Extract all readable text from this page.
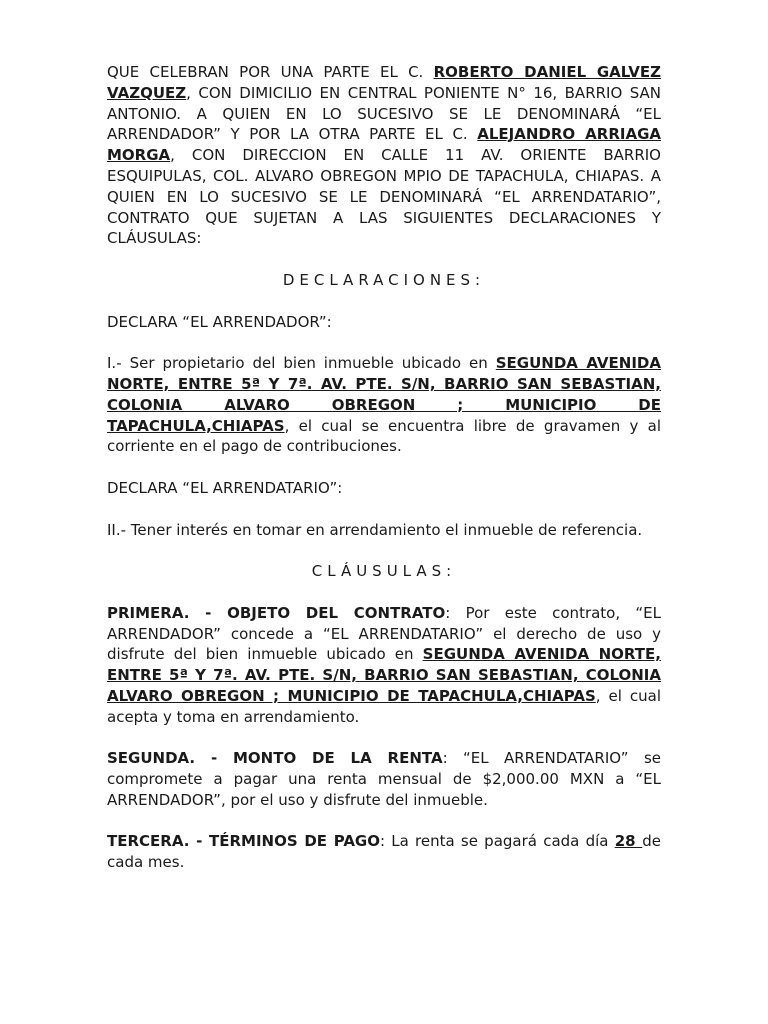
QUE CELEBRAN POR UNA PARTE EL C. ROBERTO DANIEL GALVEZ VAZQUEZ, CON DIMICILIO EN CENTRAL PONIENTE N° 16, BARRIO SAN ANTONIO. A QUIEN EN LO SUCESIVO SE LE DENOMINARÁ “EL ARRENDADOR” Y POR LA OTRA PARTE EL C. ALEJANDRO ARRIAGA MORGA, CON DIRECCION EN CALLE 11 AV. ORIENTE BARRIO ESQUIPULAS, COL. ALVARO OBREGON MPIO DE TAPACHULA, CHIAPAS. A QUIEN EN LO SUCESIVO SE LE DENOMINARÁ “EL ARRENDATARIO”, CONTRATO QUE SUJETAN A LAS SIGUIENTES DECLARACIONES Y CLÁUSULAS:

DECLARACIONES:

DECLARA “EL ARRENDADOR”:

I.- Ser propietario del bien inmueble ubicado en SEGUNDA AVENIDA NORTE, ENTRE 5ª Y 7ª. AV. PTE. S/N, BARRIO SAN SEBASTIAN, COLONIA ALVARO OBREGON ; MUNICIPIO DE TAPACHULA,CHIAPAS, el cual se encuentra libre de gravamen y al corriente en el pago de contribuciones.

DECLARA “EL ARRENDATARIO”:

II.- Tener interés en tomar en arrendamiento el inmueble de referencia.

CLÁUSULAS:

PRIMERA. - OBJETO DEL CONTRATO: Por este contrato, “EL ARRENDADOR” concede a “EL ARRENDATARIO” el derecho de uso y disfrute del bien inmueble ubicado en SEGUNDA AVENIDA NORTE, ENTRE 5ª Y 7ª. AV. PTE. S/N, BARRIO SAN SEBASTIAN, COLONIA ALVARO OBREGON ; MUNICIPIO DE TAPACHULA,CHIAPAS, el cual acepta y toma en arrendamiento.

SEGUNDA. - MONTO DE LA RENTA: “EL ARRENDATARIO” se compromete a pagar una renta mensual de $2,000.00 MXN a “EL ARRENDADOR”, por el uso y disfrute del inmueble.

TERCERA. - TÉRMINOS DE PAGO: La renta se pagará cada día 28 de cada mes.
